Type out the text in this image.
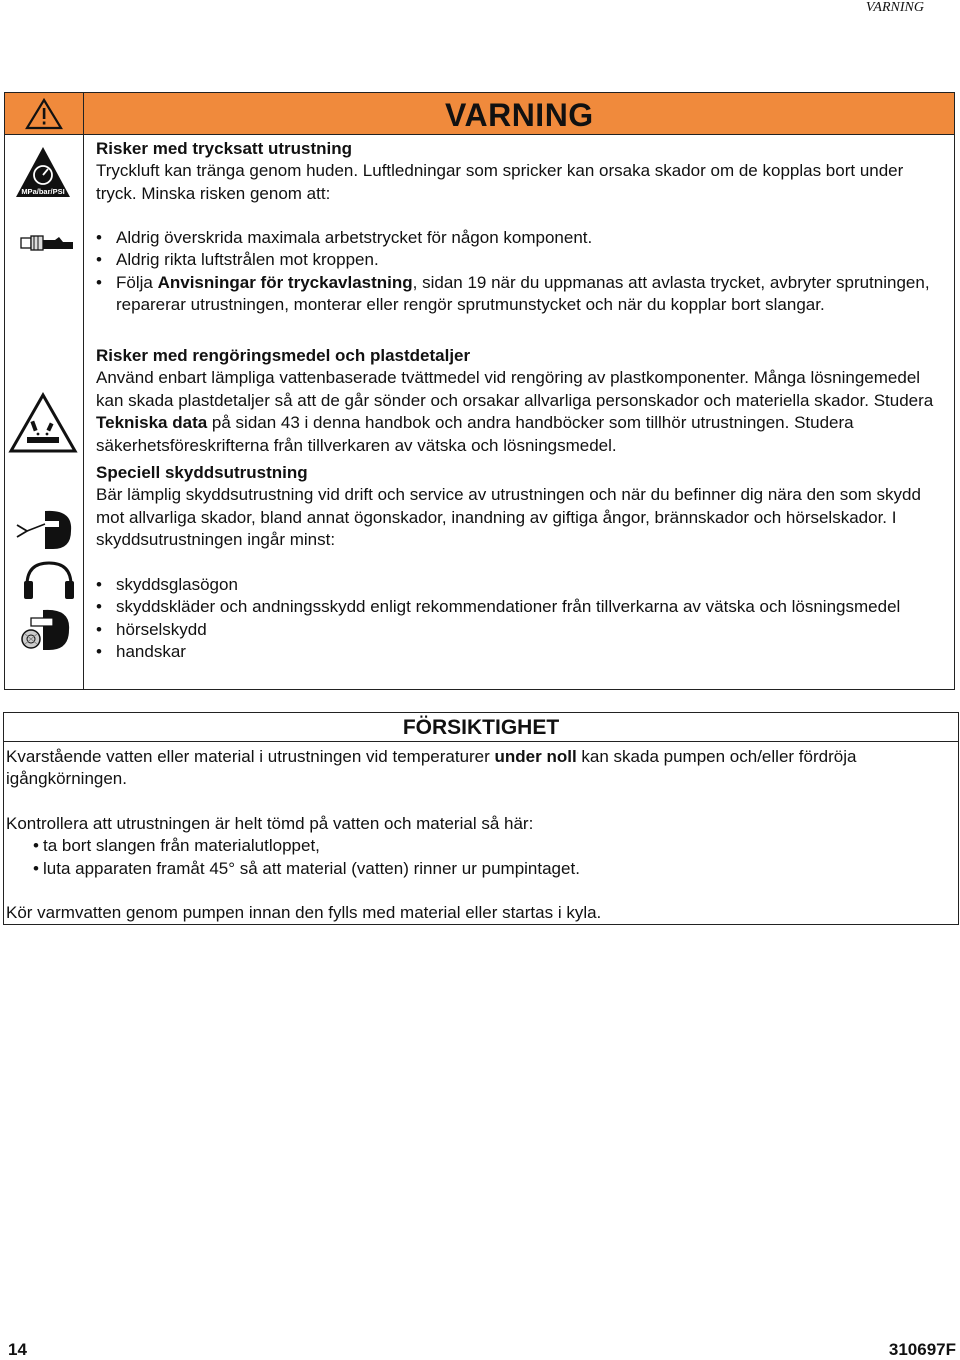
VARNING
VARNING
MPa/bar/PSI

Risker med trycksatt utrustning

Tryckluft kan tränga genom huden. Luftledningar som spricker kan orsaka skador om de kopplas bort under tryck. Minska risken genom att:

• Aldrig överskrida maximala arbetstrycket för någon komponent.
• Aldrig rikta luftstrålen mot kroppen.
• Följa Anvisningar för tryckavlastning, sidan 19 när du uppmanas att avlasta trycket, avbryter sprutningen, reparerar utrustningen, monterar eller rengör sprutmunstycket och när du kopplar bort slangar.

Risker med rengöringsmedel och plastdetaljer

Använd enbart lämpliga vattenbaserade tvättmedel vid rengöring av plastkomponenter. Många lösningemedel kan skada plastdetaljer så att de går sönder och orsakar allvarliga personskador och materiella skador. Studera Tekniska data på sidan 43 i denna handbok och andra handböcker som tillhör utrustningen. Studera säkerhetsföreskrifterna från tillverkaren av vätska och lösningsmedel.

Speciell skyddsutrustning

Bär lämplig skyddsutrustning vid drift och service av utrustningen och när du befinner dig nära den som skydd mot allvarliga skador, bland annat ögonskador, inandning av giftiga ångor, brännskador och hörselskador. I skyddsutrustningen ingår minst:

• skyddsglasögon
• skyddskläder och andningsskydd enligt rekommendationer från tillverkarna av vätska och lösningsmedel
• hörselskydd
• handskar
FÖRSIKTIGHET

Kvarstående vatten eller material i utrustningen vid temperaturer under noll kan skada pumpen och/eller fördröja igångkörningen.

Kontrollera att utrustningen är helt tömd på vatten och material så här:

• ta bort slangen från materialutloppet,
• luta apparaten framåt 45° så att material (vatten) rinner ur pumpintaget.

Kör varmvatten genom pumpen innan den fylls med material eller startas i kyla.

14	310697F
